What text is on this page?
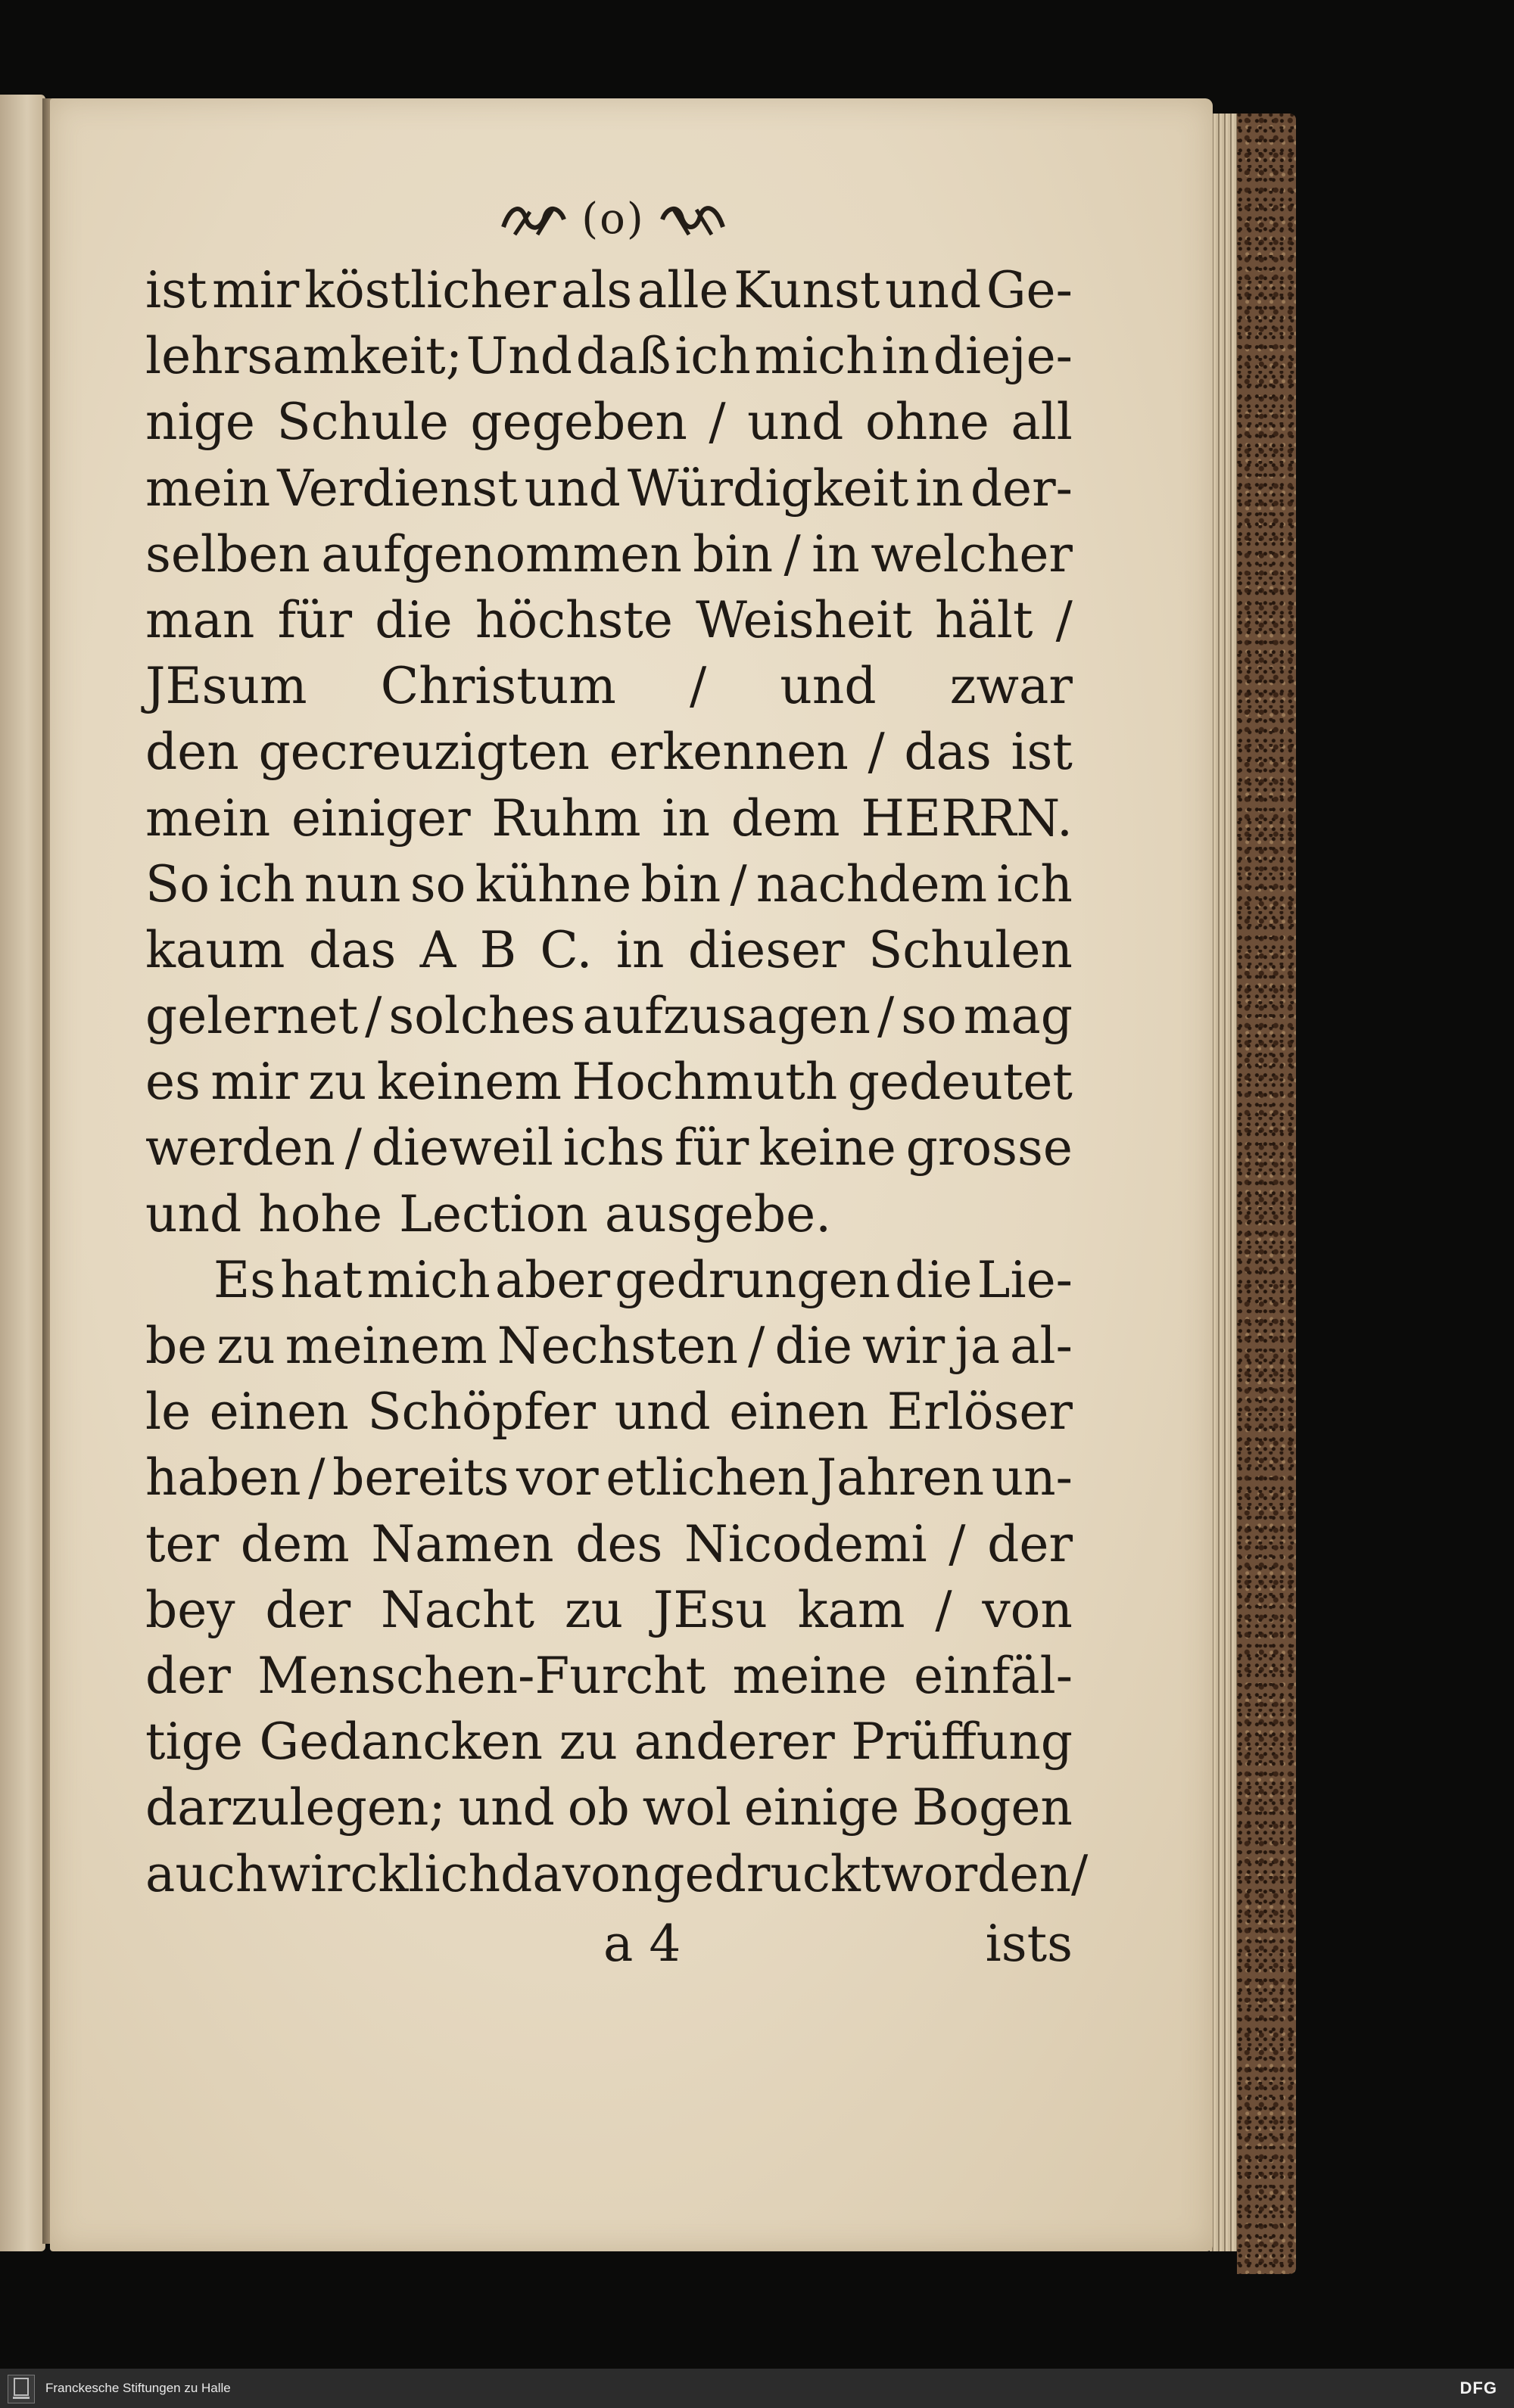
(o)
ist mir köstlicher als alle Kunst und Ge-
lehrsamkeit; Und daß ich mich in dieje-
nige Schule gegeben / und ohne all
mein Verdienst und Würdigkeit in der-
selben aufgenommen bin / in welcher
man für die höchste Weisheit hält /
JEsum Christum / und zwar
den gecreuzigten erkennen / das ist
mein einiger Ruhm in dem HERRN.
So ich nun so kühne bin / nachdem ich
kaum das A B C. in dieser Schulen
gelernet / solches aufzusagen / so mag
es mir zu keinem Hochmuth gedeutet
werden / dieweil ichs für keine grosse
und hohe Lection ausgebe.
Es hat mich aber gedrungen die Lie-
be zu meinem Nechsten / die wir ja al-
le einen Schöpfer und einen Erlöser
haben / bereits vor etlichen Jahren un-
ter dem Namen des Nicodemi / der
bey der Nacht zu JEsu kam / von
der Menschen-Furcht meine einfäl-
tige Gedancken zu anderer Prüffung
darzulegen; und ob wol einige Bogen
auch wircklich davon gedruckt worden /
a 4	ists
Franckesche Stiftungen zu Halle	DFG
